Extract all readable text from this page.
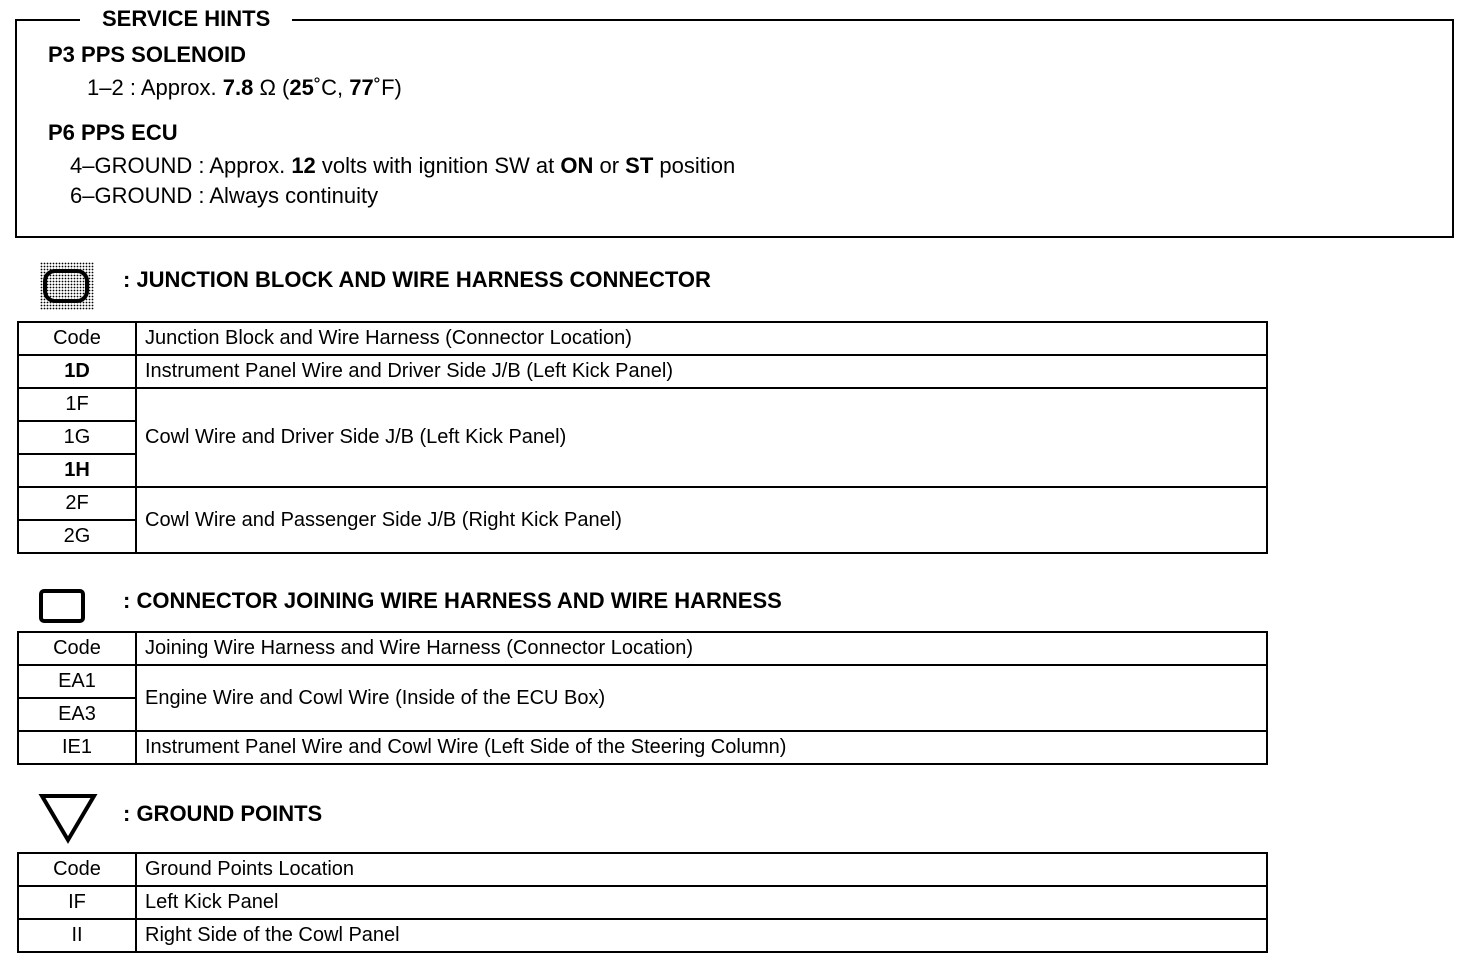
SERVICE HINTS
P3 PPS SOLENOID
1–2 : Approx. 7.8 Ω (25˚C, 77˚F)
P6 PPS ECU
4–GROUND : Approx. 12 volts with ignition SW at ON or ST position
6–GROUND : Always continuity
: JUNCTION BLOCK AND WIRE HARNESS CONNECTOR
Code	Junction Block and Wire Harness (Connector Location)
1D	Instrument Panel Wire and Driver Side J/B (Left Kick Panel)
1F	Cowl Wire and Driver Side J/B (Left Kick Panel)
1G	
1H	
2F	Cowl Wire and Passenger Side J/B (Right Kick Panel)
2G	
: CONNECTOR JOINING WIRE HARNESS AND WIRE HARNESS
Code	Joining Wire Harness and Wire Harness (Connector Location)
EA1	Engine Wire and Cowl Wire (Inside of the ECU Box)
EA3	
IE1	Instrument Panel Wire and Cowl Wire (Left Side of the Steering Column)
: GROUND POINTS
Code	Ground Points Location
IF	Left Kick Panel
II	Right Side of the Cowl Panel
